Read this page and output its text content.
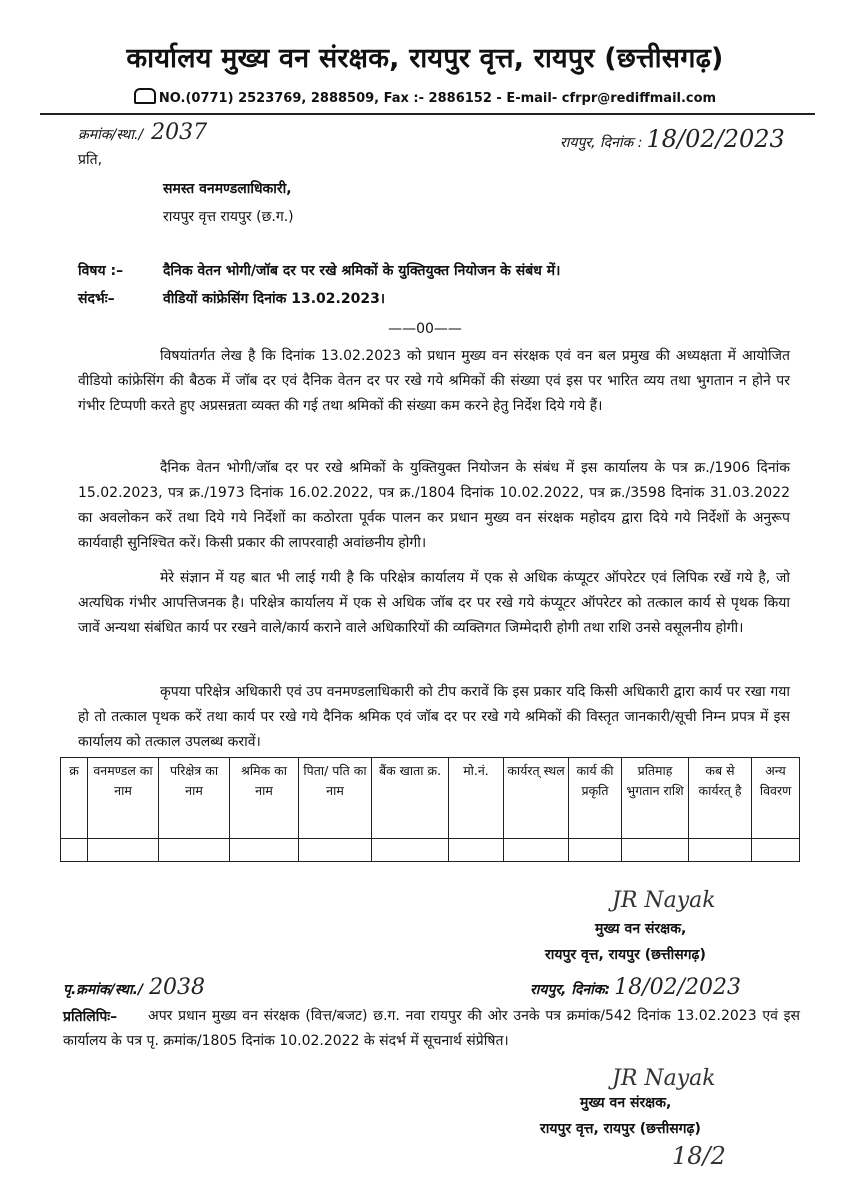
कार्यालय मुख्य वन संरक्षक, रायपुर वृत्त, रायपुर (छत्तीसगढ़)
NO.(0771) 2523769, 2888509, Fax :- 2886152 - E-mail- cfrpr@rediffmail.com
क्रमांक/स्था./ 2037	रायपुर, दिनांक : 18/02/2023
प्रति,
समस्त वनमण्डलाधिकारी,
रायपुर वृत्त रायपुर (छ.ग.)
विषय :–	दैनिक वेतन भोगी/जॉब दर पर रखे श्रमिकों के युक्तियुक्त नियोजन के संबंध में।
संदर्भः–	वीडियों कांफ्रेसिंग दिनांक 13.02.2023।
——00——
विषयांतर्गत लेख है कि दिनांक 13.02.2023 को प्रधान मुख्य वन संरक्षक एवं वन बल प्रमुख की अध्यक्षता में आयोजित वीडियो कांफ्रेसिंग की बैठक में जॉब दर एवं दैनिक वेतन दर पर रखे गये श्रमिकों की संख्या एवं इस पर भारित व्यय तथा भुगतान न होने पर गंभीर टिप्पणी करते हुए अप्रसन्नता व्यक्त की गई तथा श्रमिकों की संख्या कम करने हेतु निर्देश दिये गये हैं।
दैनिक वेतन भोगी/जॉब दर पर रखे श्रमिकों के युक्तियुक्त नियोजन के संबंध में इस कार्यालय के पत्र क्र./1906 दिनांक 15.02.2023, पत्र क्र./1973 दिनांक 16.02.2022, पत्र क्र./1804 दिनांक 10.02.2022, पत्र क्र./3598 दिनांक 31.03.2022 का अवलोकन करें तथा दिये गये निर्देशों का कठोरता पूर्वक पालन कर प्रधान मुख्य वन संरक्षक महोदय द्वारा दिये गये निर्देशों के अनुरूप कार्यवाही सुनिश्चित करें। किसी प्रकार की लापरवाही अवांछनीय होगी।
मेरे संज्ञान में यह बात भी लाई गयी है कि परिक्षेत्र कार्यालय में एक से अधिक कंप्यूटर ऑपरेटर एवं लिपिक रखें गये है, जो अत्यधिक गंभीर आपत्तिजनक है। परिक्षेत्र कार्यालय में एक से अधिक जॉब दर पर रखे गये कंप्यूटर ऑपरेटर को तत्काल कार्य से पृथक किया जावें अन्यथा संबंधित कार्य पर रखने वाले/कार्य कराने वाले अधिकारियों की व्यक्तिगत जिम्मेदारी होगी तथा राशि उनसे वसूलनीय होगी।
कृपया परिक्षेत्र अधिकारी एवं उप वनमण्डलाधिकारी को टीप करावें कि इस प्रकार यदि किसी अधिकारी द्वारा कार्य पर रखा गया हो तो तत्काल पृथक करें तथा कार्य पर रखे गये दैनिक श्रमिक एवं जॉब दर पर रखे गये श्रमिकों की विस्तृत जानकारी/सूची निम्न प्रपत्र में इस कार्यालय को तत्काल उपलब्ध करावें।
क्र	वनमण्डल का नाम	परिक्षेत्र का नाम	श्रमिक का नाम	पिता/ पति का नाम	बैंक खाता क्र.	मो.नं.	कार्यरत् स्थल	कार्य की प्रकृति	प्रतिमाह भुगतान राशि	कब से कार्यरत् है	अन्य विवरण

JR Nayak
मुख्य वन संरक्षक,
रायपुर वृत्त, रायपुर (छत्तीसगढ़)
पृ.क्रमांक/स्था./ 2038	रायपुर, दिनांक: 18/02/2023
प्रतिलिपिः–	अपर प्रधान मुख्य वन संरक्षक (वित्त/बजट) छ.ग. नवा रायपुर की ओर उनके पत्र क्रमांक/542 दिनांक 13.02.2023 एवं इस कार्यालय के पत्र पृ. क्रमांक/1805 दिनांक 10.02.2022 के संदर्भ में सूचनार्थ संप्रेषित।
JR Nayak
मुख्य वन संरक्षक,
रायपुर वृत्त, रायपुर (छत्तीसगढ़)
18/2
